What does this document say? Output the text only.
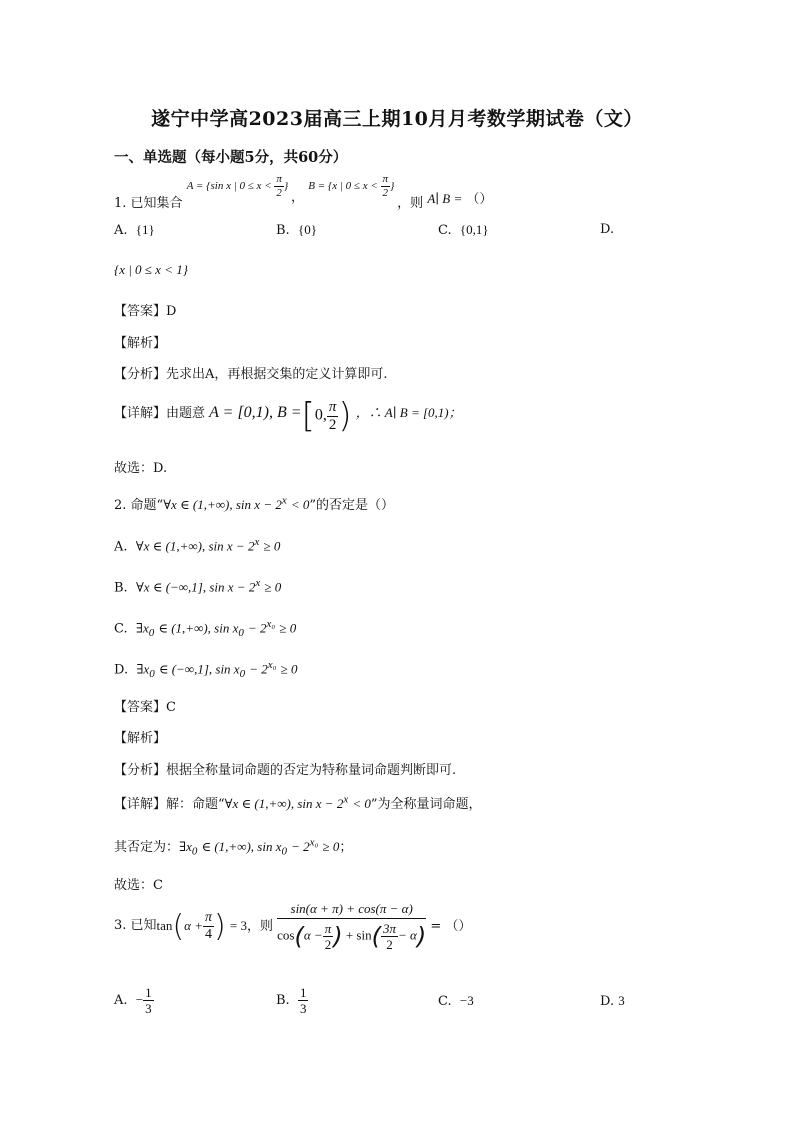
遂宁中学高2023届高三上期10月月考数学期试卷（文）
一、单选题（每小题5分，共60分）
1. 已知集合 A = {sin x | $0 \le x < \frac{\pi}{2}$ } ， B = {x | $0 \le x < \frac{\pi}{2}$ } ，则 A∣ B = （）
A. {1}	B. {0}	C. {0,1}	D.
{x | 0 ≤ x < 1}
【答案】D
【解析】
【分析】先求出A，再根据交集的定义计算即可.
【详解】由题意 A = [0,1), B =[0, $\frac{\pi}{2}$ ) ，∴ A∣ B = [0,1)；
故选：D.
2. 命题“∀x ∈ (1,+∞), $\sin x - 2^x < 0$”的否定是（）
A. ∀x ∈ (1,+∞), $\sin x - 2^x \ge 0$
B. ∀x ∈ (−∞,1], $\sin x - 2^x \ge 0$
C. $\exists x_0$ ∈ (1,+∞), $\sin x_0 - 2^{x_0} \ge 0$
D. $\exists x_0$ ∈ (−∞,1], $\sin x_0 - 2^{x_0} \ge 0$
【答案】C
【解析】
【分析】根据全称量词命题的否定为特称量词命题判断即可.
【详解】解：命题“∀x ∈ (1,+∞), $\sin x - 2^x < 0$”为全称量词命题，
其否定为：$\exists x_0$ ∈ (1,+∞), $\sin x_0 - 2^{x_0} \ge 0$；
故选：C
3. 已知$\tan(\alpha + \frac{\pi}{4}$ ) = 3，则 $\frac{\sin(\alpha + \pi) + \cos(\pi - \alpha)}{\cos(\alpha - \frac{\pi}{2} ) + \sin( \frac{3\pi}{2} - \alpha)}$ = （）
A. − $\frac{1}{3}$	B. $\frac{1}{3}$	C. −3	D. 3
